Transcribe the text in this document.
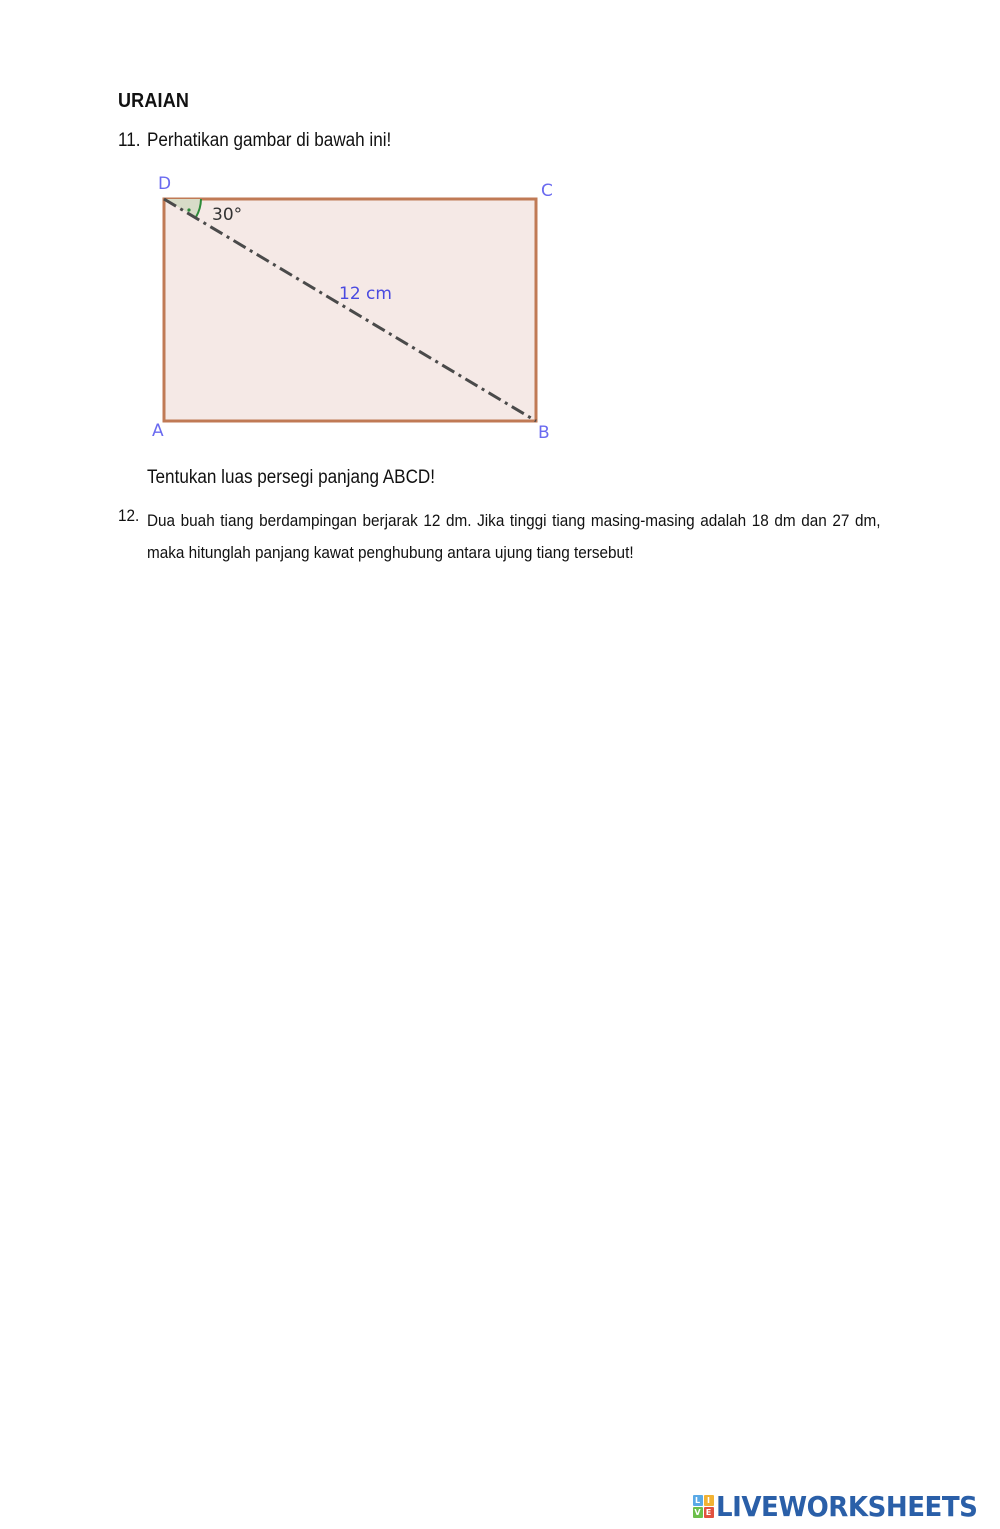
URAIAN
11. Perhatikan gambar di bawah ini!
30°
12 cm
D	C
A	B
Tentukan luas persegi panjang ABCD!
12. Dua buah tiang berdampingan berjarak 12 dm. Jika tinggi tiang masing-masing adalah 18 dm dan 27 dm, maka hitunglah panjang kawat penghubung antara ujung tiang tersebut!
L I
V E LIVEWORKSHEETS
